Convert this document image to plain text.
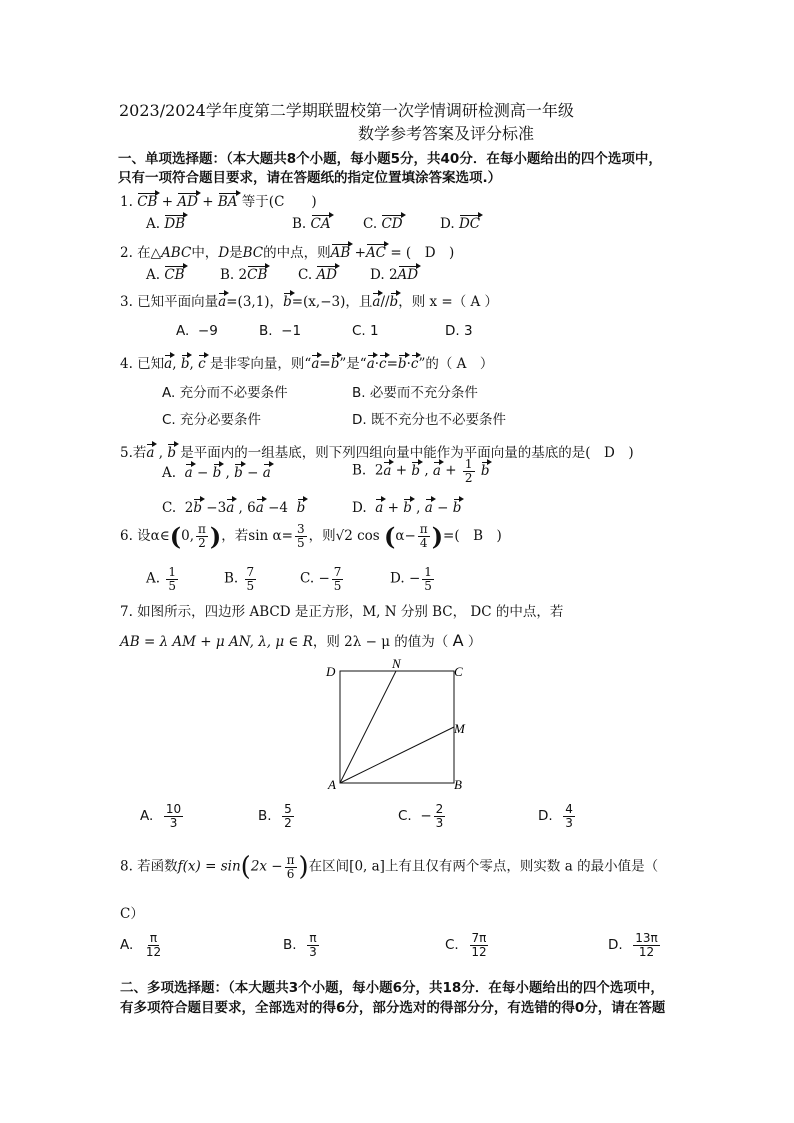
2023/2024学年度第二学期联盟校第一次学情调研检测高一年级
数学参考答案及评分标准
一、单项选择题：（本大题共8个小题，每小题5分，共40分．在每小题给出的四个选项中，
只有一项符合题目要求，请在答题纸的指定位置填涂答案选项.）
1. CB + AD + BA 等于(C　　)
A. DB	B. CA C. CD	D. DC
2. 在△ABC中，D是BC的中点，则AB +AC = (　D　)
A. CB	B. 2CB C. AD D. 2AD
3. 已知平面向量a=(3,1)，b=(x,−3)，且a//b，则 x =（ A ）
A. −9	B. −1	C. 1	D. 3
4. 已知a, b, c 是非零向量，则“a=b”是“a·c=b·c”的（ A　）
A. 充分而不必要条件	B. 必要而不充分条件
C. 充分必要条件	D. 既不充分也不必要条件
5.若a , b 是平面内的一组基底，则下列四组向量中能作为平面向量的基底的是(　D　)
A. a − b , b − a	B. 2a + b , $a + \frac{1}{2}$ b
C. 2b −3a , 6a −4 b	D. a + b , a − b
6. 设α∈(0, $\frac{\pi}{2}$ )，若$\sin \alpha= \frac{3}{5}$ ，则√2 $\cos (\alpha- \frac{\pi}{4}$ )=(　B　)
A. $\frac{1}{5}$	B. $\frac{7}{5}$	C. − $\frac{7}{5}$	D. − $\frac{1}{5}$
7. 如图所示，四边形 ABCD 是正方形，M, N 分别 BC， DC 的中点，若
AB = λ AM + μ AN, λ, μ ∈ R，则 2λ − μ 的值为（ A ）
D
N
C
M
A	B
A. $\frac{10}{3}$	B. $\frac{5}{2}$	C. − $\frac{2}{3}$	D. $\frac{4}{3}$
8. 若函数$f(x) = \sin(2x - \frac{\pi}{6}$ )在区间[0, a]上有且仅有两个零点，则实数 a 的最小值是（
C）
A. $\frac{\pi}{12}$	B. $\frac{\pi}{3}$	C. $\frac{7\pi}{12}$	D. $\frac{13\pi}{12}$
二、多项选择题：（本大题共3个小题，每小题6分，共18分．在每小题给出的四个选项中，
有多项符合题目要求，全部选对的得6分，部分选对的得部分分，有选错的得0分，请在答题
